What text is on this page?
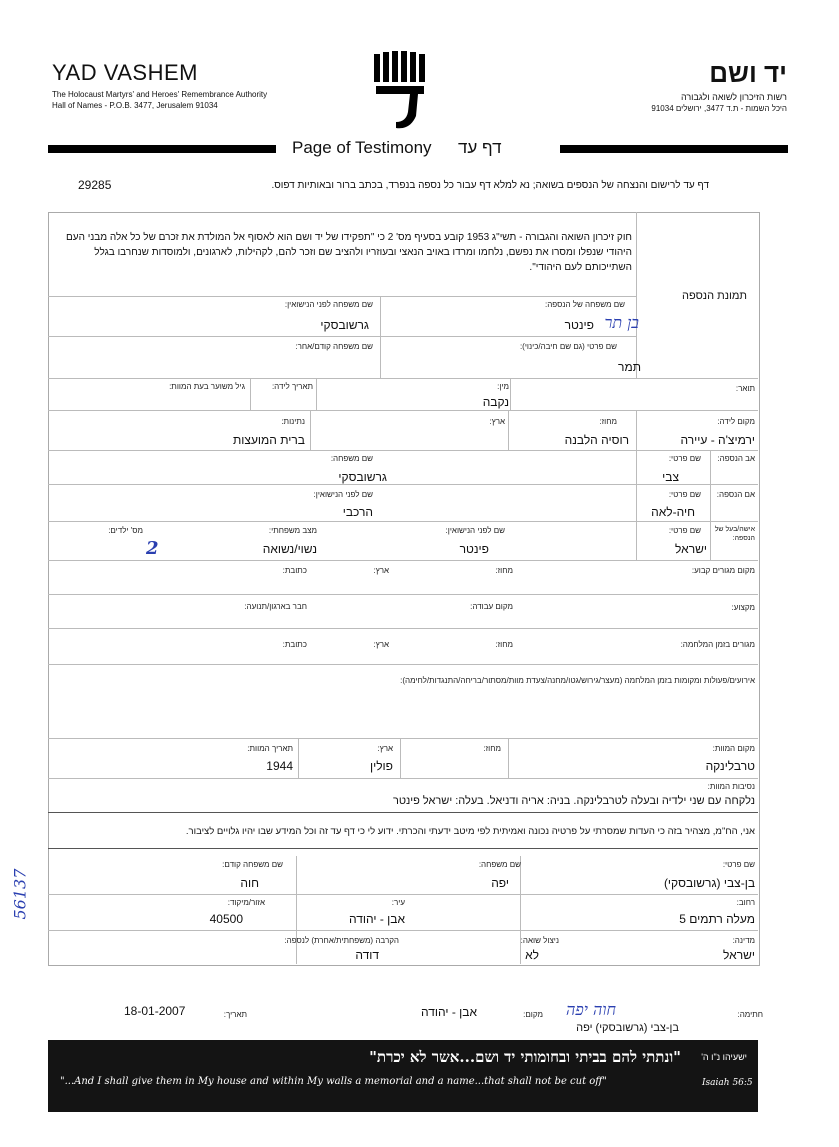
YAD VASHEM
The Holocaust Martyrs' and Heroes' Remembrance Authority
Hall of Names - P.O.B. 3477, Jerusalem 91034
יד ושם
רשות הזיכרון לשואה ולגבורה
היכל השמות - ת.ד 3477, ירושלים 91034
Page of Testimony דף עד
29285	דף עד לרישום והנצחה של הנספים בשואה; נא למלא דף עבור כל נספה בנפרד, בכתב ברור ובאותיות דפוס.
חוק זיכרון השואה והגבורה - תשי"ג 1953 קובע בסעיף מס' 2 כי "תפקידו של יד ושם הוא לאסוף אל המולדת את זכרם של כל אלה מבני העם היהודי שנפלו ומסרו את נפשם, נלחמו ומרדו באויב הנאצי ובעוזריו ולהציב שם וזכר להם, לקהילות, לארגונים, ולמוסדות שנחרבו בגלל השתייכותם לעם היהודי".
תמונת הנספה
שם משפחה של הנספה:
פינטר בן תר
שם משפחה לפני הנישואין:
גרשובסקי
שם פרטי (גם שם חיבה/כינוי):
תמר
שם משפחה קודם/אחר:
תואר:
מין:
נקבה
תאריך לידה:
גיל משוער בעת המוות:
מקום לידה:
ירמיצ'ה - עיירה
מחוז:
רוסיה הלבנה
ארץ:
נתינות:
ברית המועצות
אב הנספה:
שם פרטי:
צבי
שם משפחה:
גרשובסקי
אם הנספה:
שם פרטי:
חיה-לאה
שם לפני הנישואין:
הרכבי
אישה/בעל של הנספה:
שם פרטי:
ישראל
שם לפני הנישואין:
פינטר
מצב משפחתי:
נשוי/נשואה
מס' ילדים:
2
מקום מגורים קבוע:
מחוז:
ארץ:
כתובת:
מקצוע:
מקום עבודה:
חבר בארגון/תנועה:
מגורים בזמן המלחמה:
מחוז:
ארץ:
כתובת:
אירועים/פעולות ומקומות בזמן המלחמה (מעצר/גירוש/גטו/מחנה/צעדת מוות/מסתור/בריחה/התנגדות/לחימה):
מקום המוות:
טרבלינקה
מחוז:
ארץ:
פולין
תאריך המוות:
1944
נסיבות המוות:
נלקחה עם שני ילדיה ובעלה לטרבלינקה. בניה: אריה ודניאל. בעלה: ישראל פינטר
אני, הח"מ, מצהיר בזה כי העדות שמסרתי על פרטיה נכונה ואמיתית לפי מיטב ידעתי והכרתי. ידוע לי כי דף עד זה וכל המידע שבו יהיו גלויים לציבור.
שם פרטי:
בן-צבי (גרשובסקי)
שם משפחה:
יפה
שם משפחה קודם:
חוה
רחוב:
מעלה רתמים 5
עיר:
אבן - יהודה
אזור/מיקוד:
40500
מדינה:
ישראל
ניצול שואה:
לא
הקרבה (משפחתית/אחרת) לנספה:
דודה
חתימה:
חוה יפה
בן-צבי (גרשובסקי) יפה
מקום:
אבן - יהודה
תאריך:
18-01-2007
"ונתתי להם בביתי ובחומותי יד ושם...אשר לא יכרת" ישעיהו נ"ו ה'
"...And I shall give them in My house and within My walls a memorial and a name...that shall not be cut off"	Isaiah 56:5
56137
